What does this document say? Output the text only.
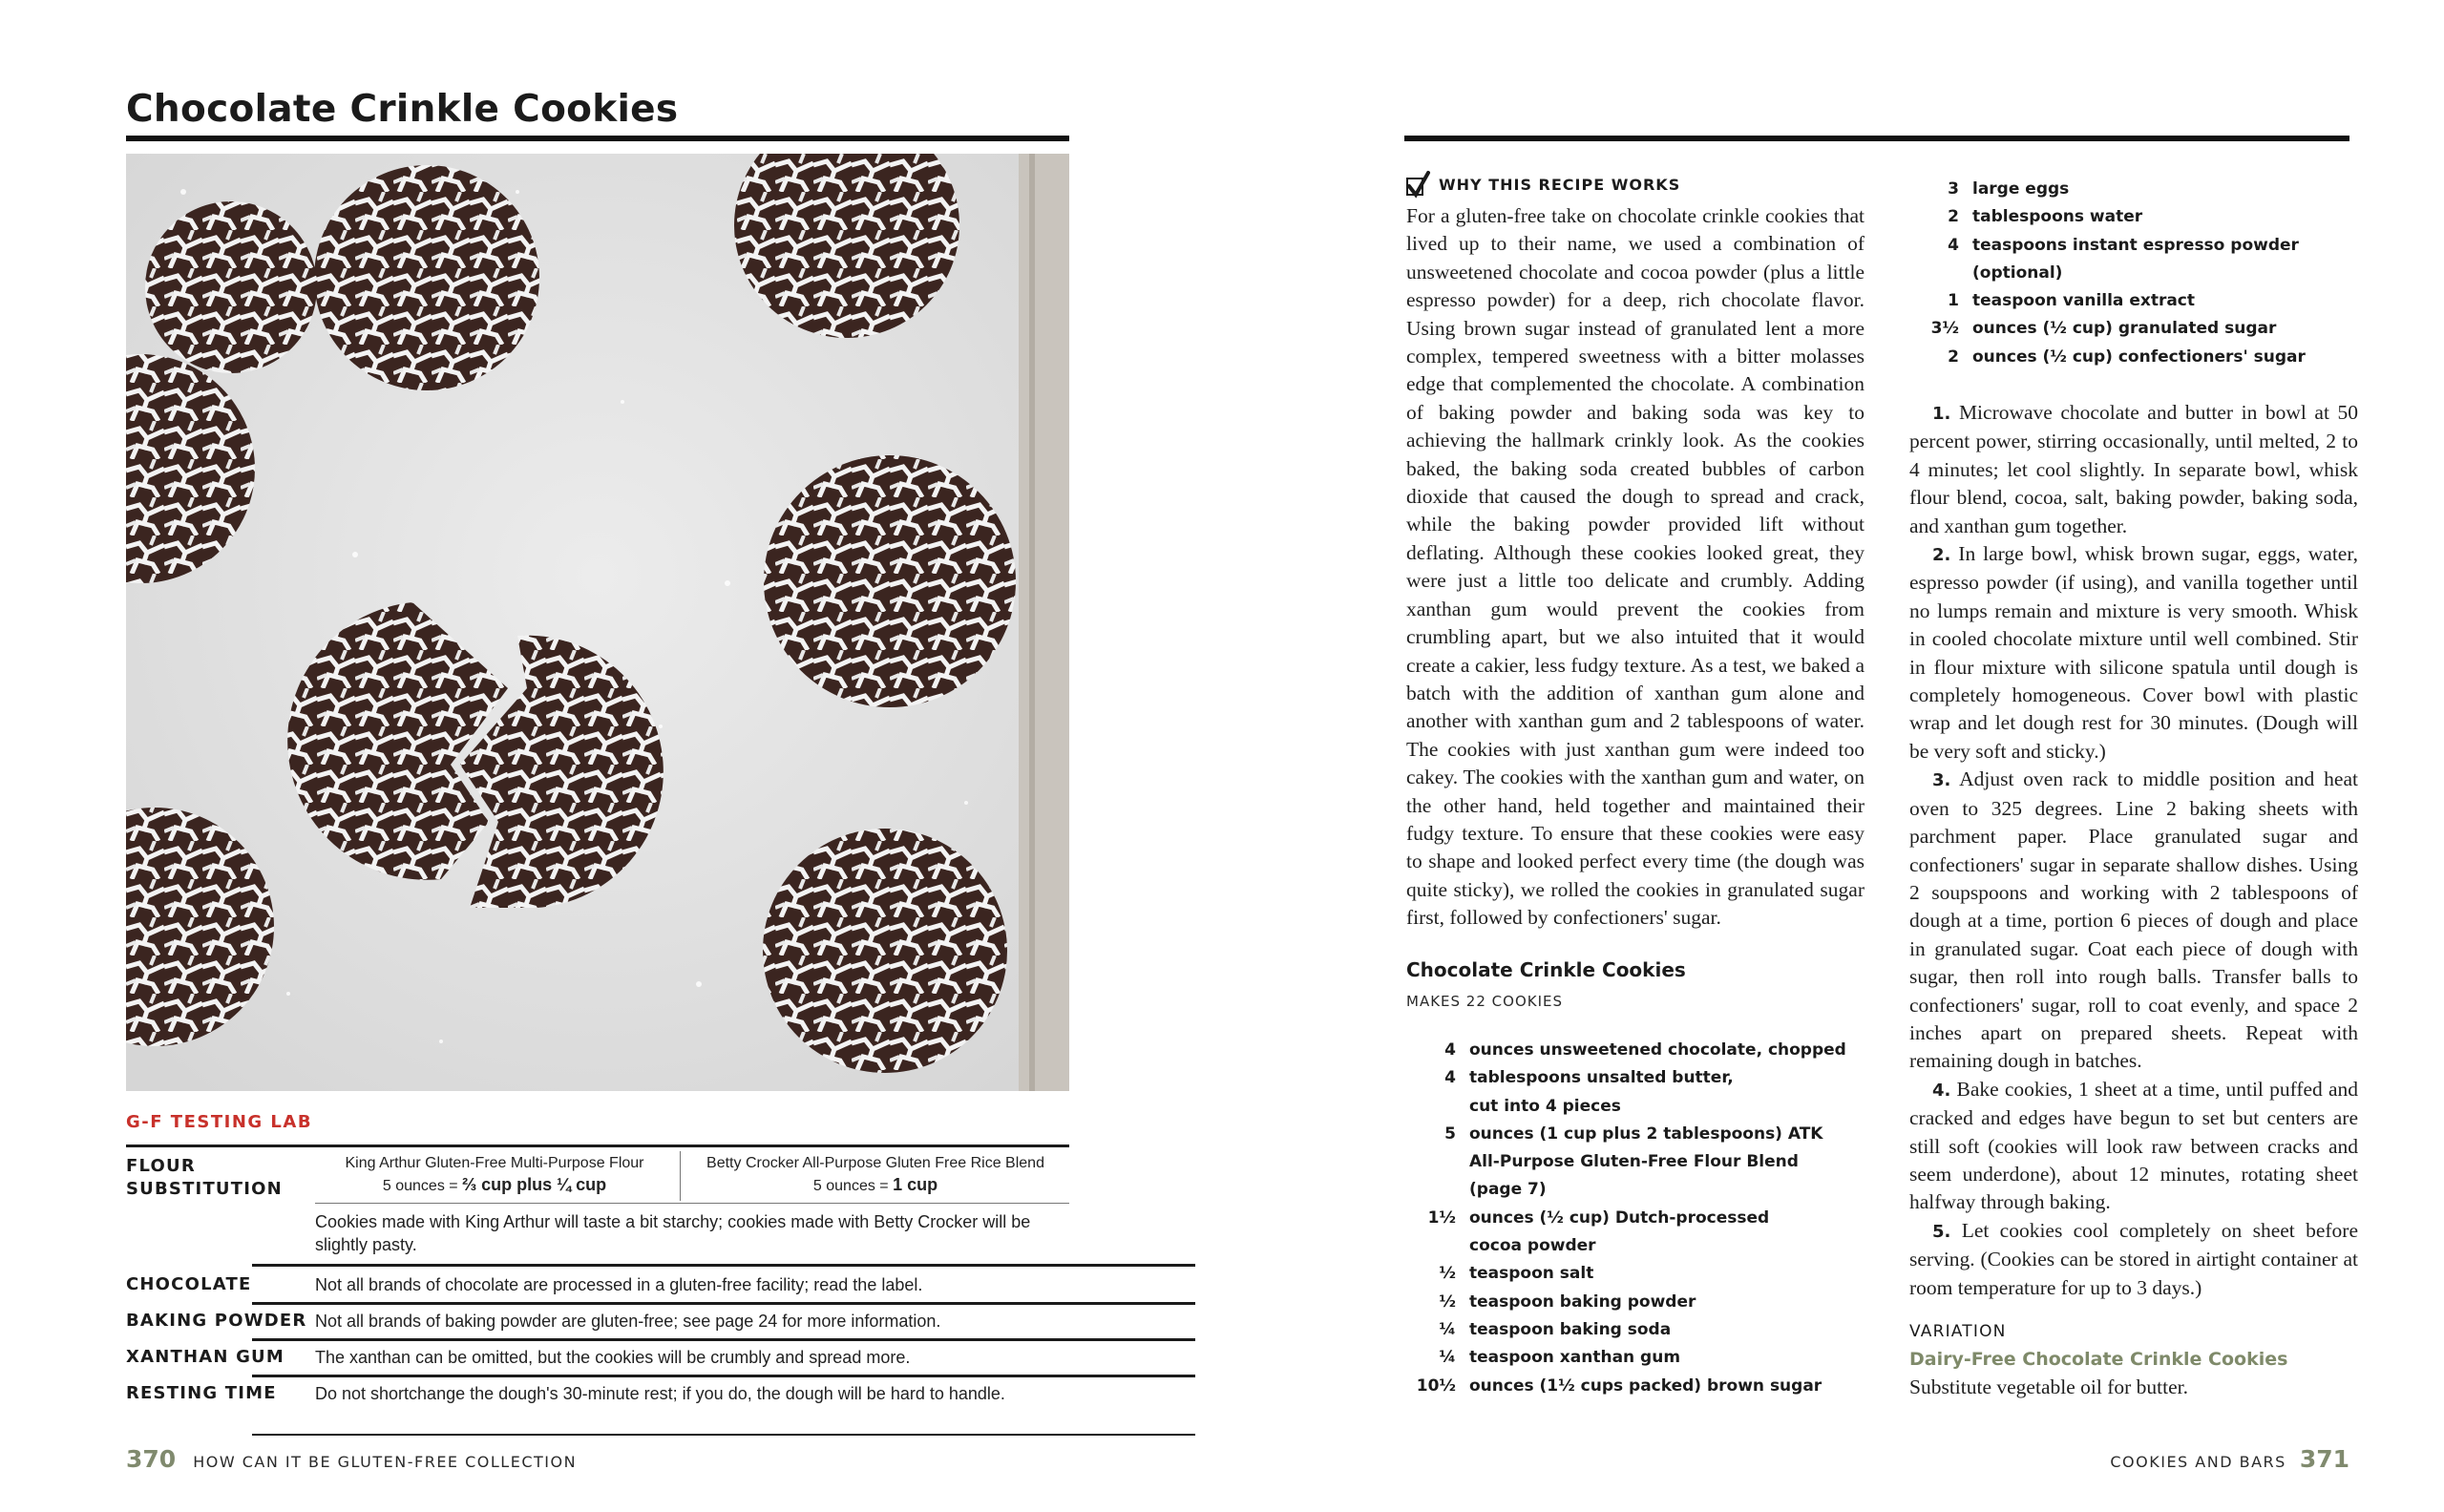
Chocolate Crinkle Cookies
G-F TESTING LAB
FLOUR SUBSTITUTION
King Arthur Gluten-Free Multi-Purpose Flour
5 ounces = ⅔ cup plus ¼ cup
Betty Crocker All-Purpose Gluten Free Rice Blend
5 ounces = 1 cup
Cookies made with King Arthur will taste a bit starchy; cookies made with Betty Crocker will be slightly pasty.
CHOCOLATE	Not all brands of chocolate are processed in a gluten-free facility; read the label.
BAKING POWDER Not all brands of baking powder are gluten-free; see page 24 for more information.
XANTHAN GUM The xanthan can be omitted, but the cookies will be crumbly and spread more.
RESTING TIME Do not shortchange the dough's 30-minute rest; if you do, the dough will be hard to handle.
370 HOW CAN IT BE GLUTEN-FREE COLLECTION
WHY THIS RECIPE WORKS

For a gluten-free take on chocolate crinkle cookies that lived up to their name, we used a combination of unsweetened chocolate and cocoa powder (plus a little espresso powder) for a deep, rich chocolate flavor. Using brown sugar instead of granulated lent a more complex, tempered sweetness with a bitter molasses edge that complemented the chocolate. A combination of baking powder and baking soda was key to achieving the hallmark crinkly look. As the cookies baked, the baking soda created bubbles of carbon dioxide that caused the dough to spread and crack, while the baking powder provided lift without deflating. Although these cookies looked great, they were just a little too delicate and crumbly. Adding xanthan gum would prevent the cookies from crumbling apart, but we also intuited that it would create a cakier, less fudgy texture. As a test, we baked a batch with the addition of xanthan gum alone and another with xanthan gum and 2 tablespoons of water. The cookies with just xanthan gum were indeed too cakey. The cookies with the xanthan gum and water, on the other hand, held together and maintained their fudgy texture. To ensure that these cookies were easy to shape and looked perfect every time (the dough was quite sticky), we rolled the cookies in granulated sugar first, followed by confectioners' sugar.

Chocolate Crinkle Cookies
MAKES 22 COOKIES
4 ounces unsweetened chocolate, chopped
4 tablespoons unsalted butter,
cut into 4 pieces
5 ounces (1 cup plus 2 tablespoons) ATK
All-Purpose Gluten-Free Flour Blend
(page 7)
1½ ounces (½ cup) Dutch-processed
cocoa powder
½ teaspoon salt
½ teaspoon baking powder
¼ teaspoon baking soda
¼ teaspoon xanthan gum
10½ ounces (1½ cups packed) brown sugar
3 large eggs
2 tablespoons water
4 teaspoons instant espresso powder
(optional)
1 teaspoon vanilla extract
3½ ounces (½ cup) granulated sugar
2 ounces (½ cup) confectioners' sugar

1. Microwave chocolate and butter in bowl at 50 percent power, stirring occasionally, until melted, 2 to 4 minutes; let cool slightly. In separate bowl, whisk flour blend, cocoa, salt, baking powder, baking soda, and xanthan gum together.

2. In large bowl, whisk brown sugar, eggs, water, espresso powder (if using), and vanilla together until no lumps remain and mixture is very smooth. Whisk in cooled chocolate mixture until well combined. Stir in flour mixture with silicone spatula until dough is completely homogeneous. Cover bowl with plastic wrap and let dough rest for 30 minutes. (Dough will be very soft and sticky.)

3. Adjust oven rack to middle position and heat oven to 325 degrees. Line 2 baking sheets with parchment paper. Place granulated sugar and confectioners' sugar in separate shallow dishes. Using 2 soupspoons and working with 2 tablespoons of dough at a time, portion 6 pieces of dough and place in granulated sugar. Coat each piece of dough with sugar, then roll into rough balls. Transfer balls to confectioners' sugar, roll to coat evenly, and space 2 inches apart on prepared sheets. Repeat with remaining dough in batches.

4. Bake cookies, 1 sheet at a time, until puffed and cracked and edges have begun to set but centers are still soft (cookies will look raw between cracks and seem underdone), about 12 minutes, rotating sheet halfway through baking.

5. Let cookies cool completely on sheet before serving. (Cookies can be stored in airtight container at room temperature for up to 3 days.)

VARIATION
Dairy-Free Chocolate Crinkle Cookies
Substitute vegetable oil for butter.
COOKIES AND BARS 371
